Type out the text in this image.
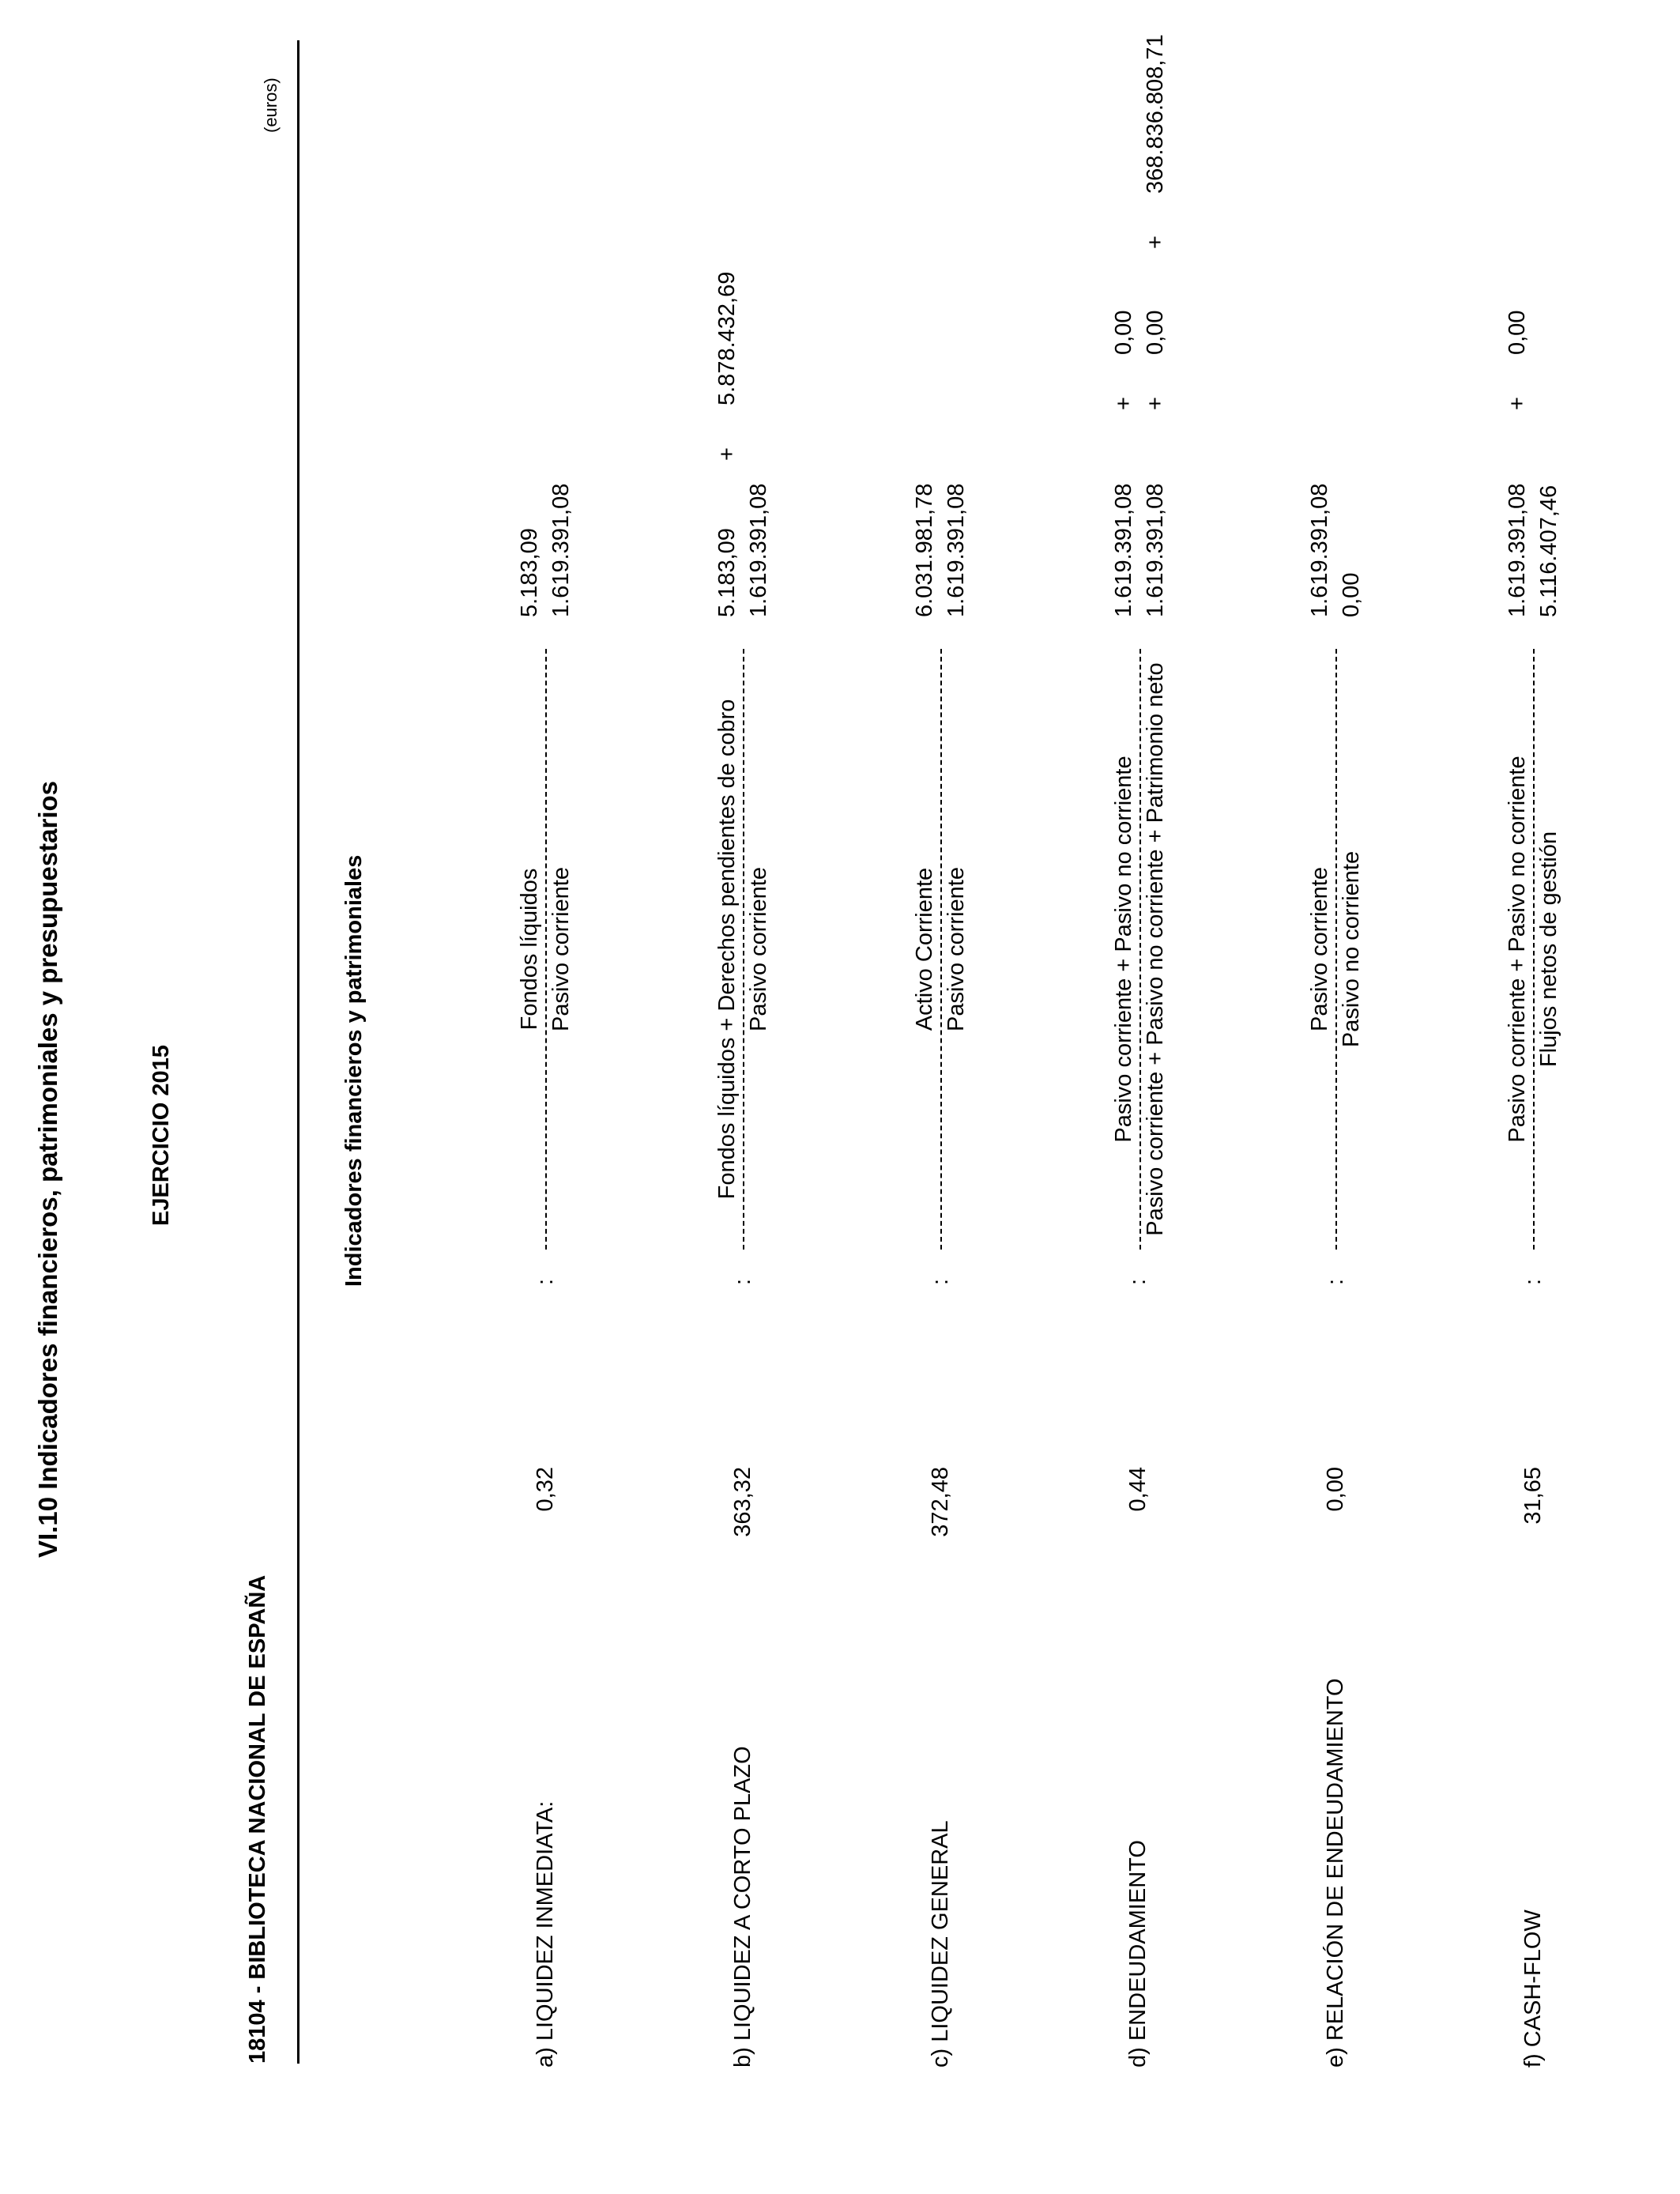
VI.10 Indicadores financieros, patrimoniales y presupuestarios	EJERCICIO 2015
18104 - BIBLIOTECA NACIONAL DE ESPAÑA
(euros)
Indicadores financieros y patrimoniales
a) LIQUIDEZ INMEDIATA:
0,32
:
Fondos líquidos Pasivo corriente
5.183,09 1.619.391,08
b) LIQUIDEZ A CORTO PLAZO
363,32
:
Fondos líquidos + Derechos pendientes de cobro Pasivo corriente
5.183,09
+
5.878.432,69
1.619.391,08
c) LIQUIDEZ GENERAL
372,48
:
Activo Corriente Pasivo corriente
6.031.981,78 1.619.391,08
d) ENDEUDAMIENTO
0,44
:
Pasivo corriente + Pasivo no corriente Pasivo corriente + Pasivo no corriente + Patrimonio neto
1.619.391,08
+
0,00
1.619.391,08
+
0,00
+
368.836.808,71
e) RELACIÓN DE ENDEUDAMIENTO
0,00
:
Pasivo corriente Pasivo no corriente
1.619.391,08 0,00
f) CASH-FLOW
31,65
:
Pasivo corriente + Pasivo no corriente Flujos netos de gestión
1.619.391,08
+
0,00
5.116.407,46
